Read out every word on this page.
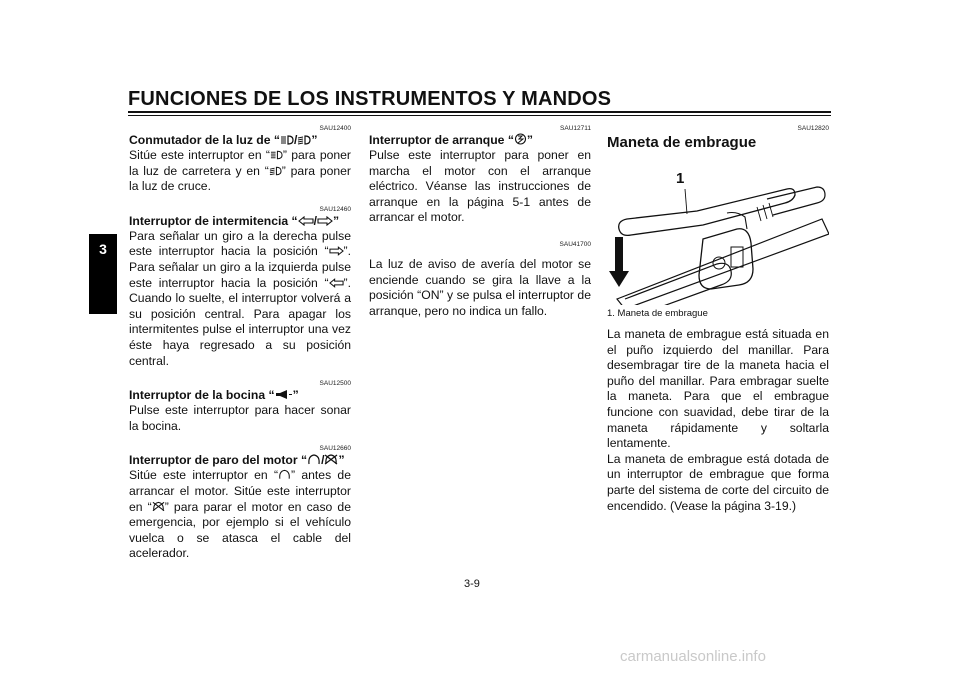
FUNCIONES DE LOS INSTRUMENTOS Y MANDOS
3
SAU12400
Conmutador de la luz de “ / ”

Sitúe este interruptor en “ ” para poner la luz de carretera y en “ ” para poner la luz de cruce.

SAU12460
Interruptor de intermitencia “ / ”

Para señalar un giro a la derecha pulse este interruptor hacia la posición “ ”. Para señalar un giro a la izquierda pulse este interruptor hacia la posición “ ”. Cuando lo suelte, el interruptor volverá a su posición central. Para apagar los intermitentes pulse el interruptor una vez éste haya regresado a su posición central.

SAU12500
Interruptor de la bocina “ ”

Pulse este interruptor para hacer sonar la bocina.

SAU12660
Interruptor de paro del motor “ / ”

Sitúe este interruptor en “ ” antes de arrancar el motor. Sitúe este interruptor en “ ” para parar el motor en caso de emergencia, por ejemplo si el vehículo vuelca o se atasca el cable del acelerador.

SAU12711
Interruptor de arranque “ ”

Pulse este interruptor para poner en marcha el motor con el arranque eléctrico. Véanse las instrucciones de arranque en la página 5-1 antes de arrancar el motor.

SAU41700

La luz de aviso de avería del motor se enciende cuando se gira la llave a la posición “ON” y se pulsa el interruptor de arranque, pero no indica un fallo.

SAU12820
Maneta de embrague
1
1. Maneta de embrague

La maneta de embrague está situada en el puño izquierdo del manillar. Para desembragar tire de la maneta hacia el puño del manillar. Para embragar suelte la maneta. Para que el embrague funcione con suavidad, debe tirar de la maneta rápidamente y soltarla lentamente.

La maneta de embrague está dotada de un interruptor de embrague que forma parte del sistema de corte del circuito de encendido. (Vease la página 3-19.)

3-9
carmanualsonline.info
